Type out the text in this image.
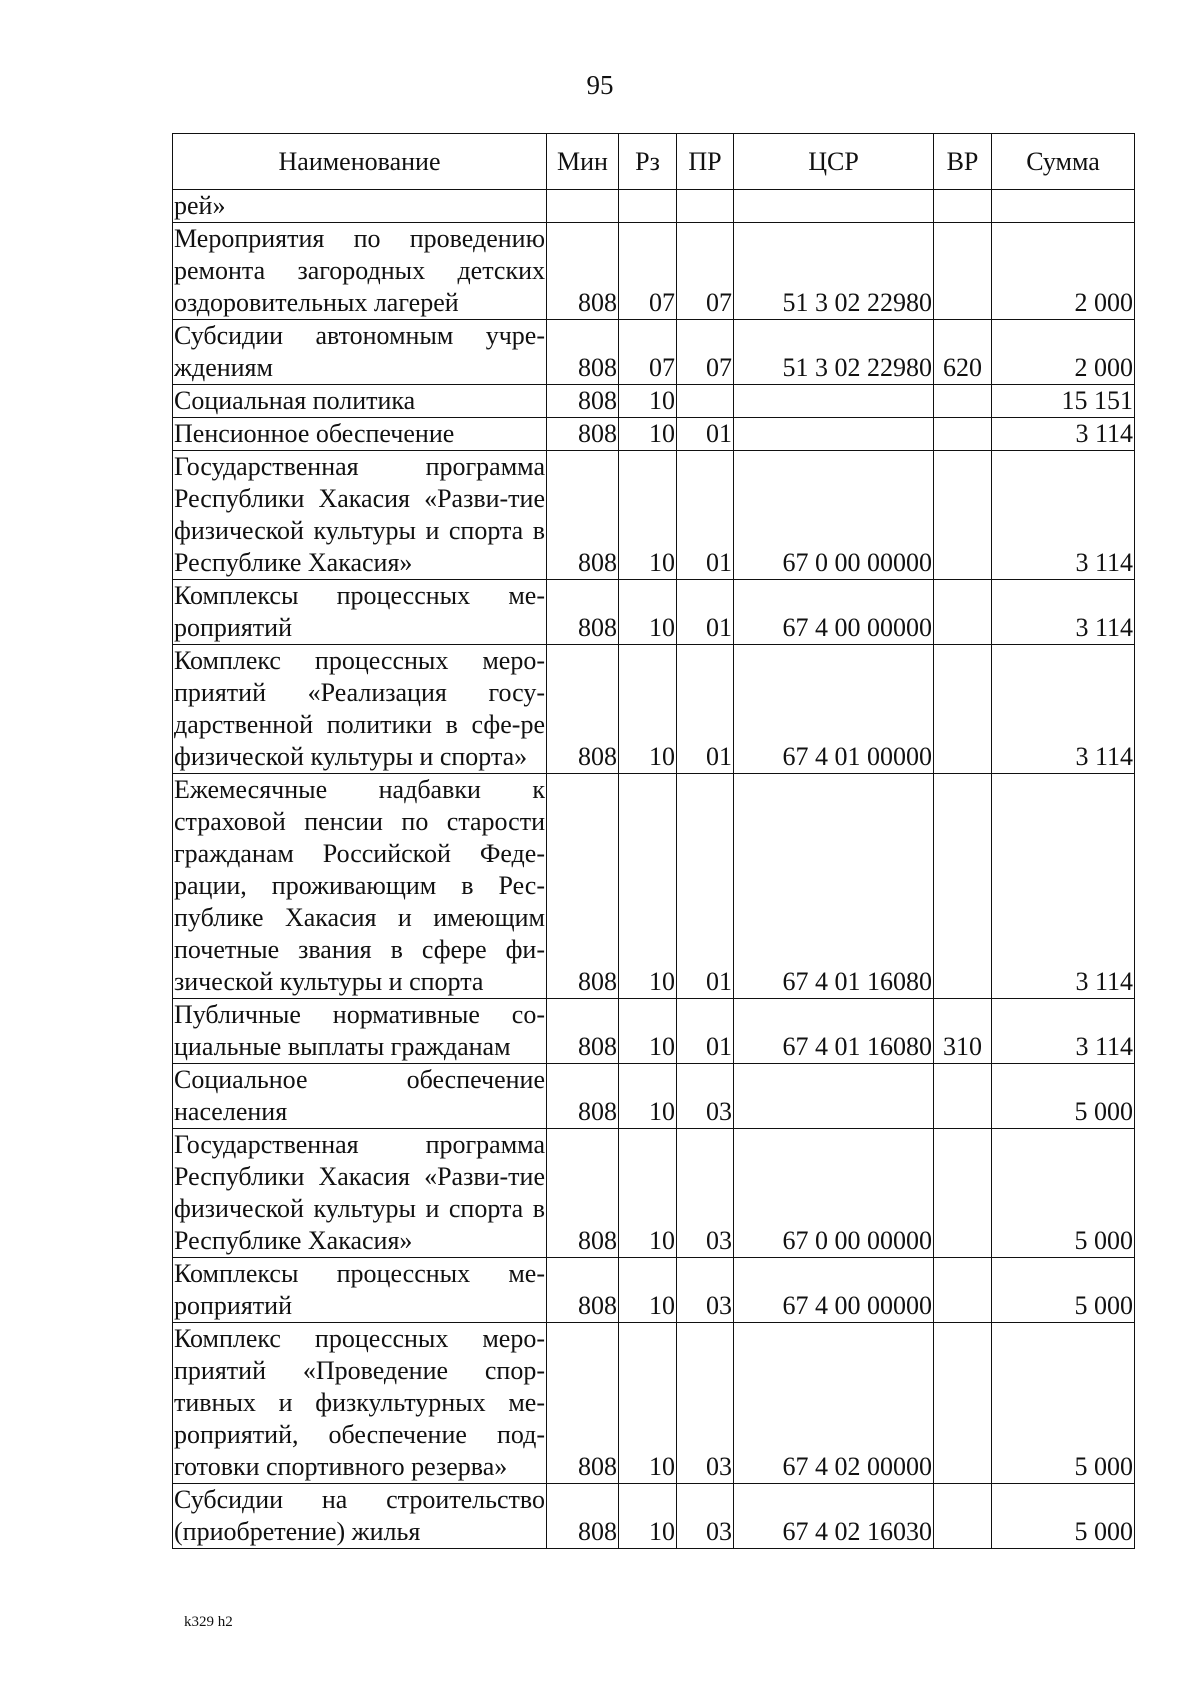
95
Наименование	Мин	Рз	ПР	ЦСР	ВР	Сумма
рей»						
Мероприятия по проведению ремонта загородных детских оздоровительных лагерей	808	07	07	51 3 02 22980		2 000
Субсидии автономным учре-ждениям	808	07	07	51 3 02 22980	620	2 000
Социальная политика	808	10				15 151
Пенсионное обеспечение	808	10	01			3 114
Государственная программа Республики Хакасия «Разви-тие физической культуры и спорта в Республике Хакасия»	808	10	01	67 0 00 00000		3 114
Комплексы процессных ме-роприятий	808	10	01	67 4 00 00000		3 114
Комплекс процессных меро-приятий «Реализация госу-дарственной политики в сфе-ре физической культуры и спорта»	808	10	01	67 4 01 00000		3 114
Ежемесячные надбавки к страховой пенсии по старости гражданам Российской Феде-рации, проживающим в Рес-публике Хакасия и имеющим почетные звания в сфере фи-зической культуры и спорта	808	10	01	67 4 01 16080		3 114
Публичные нормативные со-циальные выплаты гражданам	808	10	01	67 4 01 16080	310	3 114
Социальное обеспечение населения	808	10	03			5 000
Государственная программа Республики Хакасия «Разви-тие физической культуры и спорта в Республике Хакасия»	808	10	03	67 0 00 00000		5 000
Комплексы процессных ме-роприятий	808	10	03	67 4 00 00000		5 000
Комплекс процессных меро-приятий «Проведение спор-тивных и физкультурных ме-роприятий, обеспечение под-готовки спортивного резерва»	808	10	03	67 4 02 00000		5 000
Субсидии на строительство (приобретение) жилья	808	10	03	67 4 02 16030		5 000
k329 h2
